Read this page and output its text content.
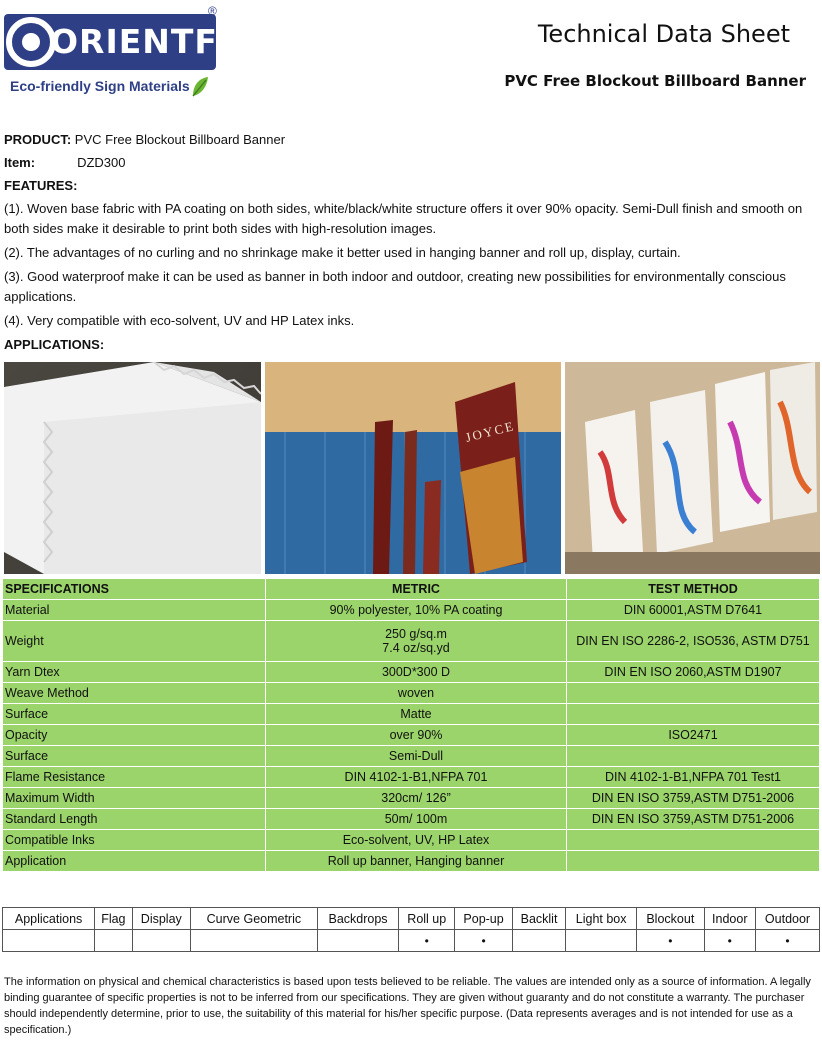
ORIENTFLEX
®
Eco-friendly Sign Materials
Technical Data Sheet
PVC Free Blockout Billboard Banner
PRODUCT: PVC Free Blockout Billboard Banner
Item:	DZD300
FEATURES:
(1). Woven base fabric with PA coating on both sides, white/black/white structure offers it over 90% opacity. Semi-Dull finish and smooth on both sides make it desirable to print both sides with high-resolution images.
(2). The advantages of no curling and no shrinkage make it better used in hanging banner and roll up, display, curtain.
(3). Good waterproof make it can be used as banner in both indoor and outdoor, creating new possibilities for environmentally conscious applications.
(4). Very compatible with eco-solvent, UV and HP Latex inks.
APPLICATIONS:
JOYCE
SPECIFICATIONS	METRIC	TEST METHOD
Material	90% polyester, 10% PA coating	DIN 60001,ASTM D7641
Weight	250 g/sq.m
7.4 oz/sq.yd	DIN EN ISO 2286-2, ISO536, ASTM D751
Yarn Dtex	300D*300 D	DIN EN ISO 2060,ASTM D1907
Weave Method	woven	
Surface	Matte	
Opacity	over 90%	ISO2471
Surface	Semi-Dull	
Flame Resistance	DIN 4102-1-B1,NFPA 701	DIN 4102-1-B1,NFPA 701 Test1
Maximum Width	320cm/ 126”	DIN EN ISO 3759,ASTM D751-2006
Standard Length	50m/ 100m	DIN EN ISO 3759,ASTM D751-2006
Compatible Inks	Eco-solvent, UV, HP Latex	
Application	Roll up banner, Hanging banner	
Applications	Flag	Display	Curve Geometric	Backdrops	Roll up	Pop-up	Backlit	Light box	Blockout	Indoor	Outdoor
					•	•			•	•	•
The information on physical and chemical characteristics is based upon tests believed to be reliable. The values are intended only as a source of information. A legally binding guarantee of specific properties is not to be inferred from our specifications. They are given without guaranty and do not constitute a warranty. The purchaser should independently determine, prior to use, the suitability of this material for his/her specific purpose. (Data represents averages and is not intended for use as a specification.)
